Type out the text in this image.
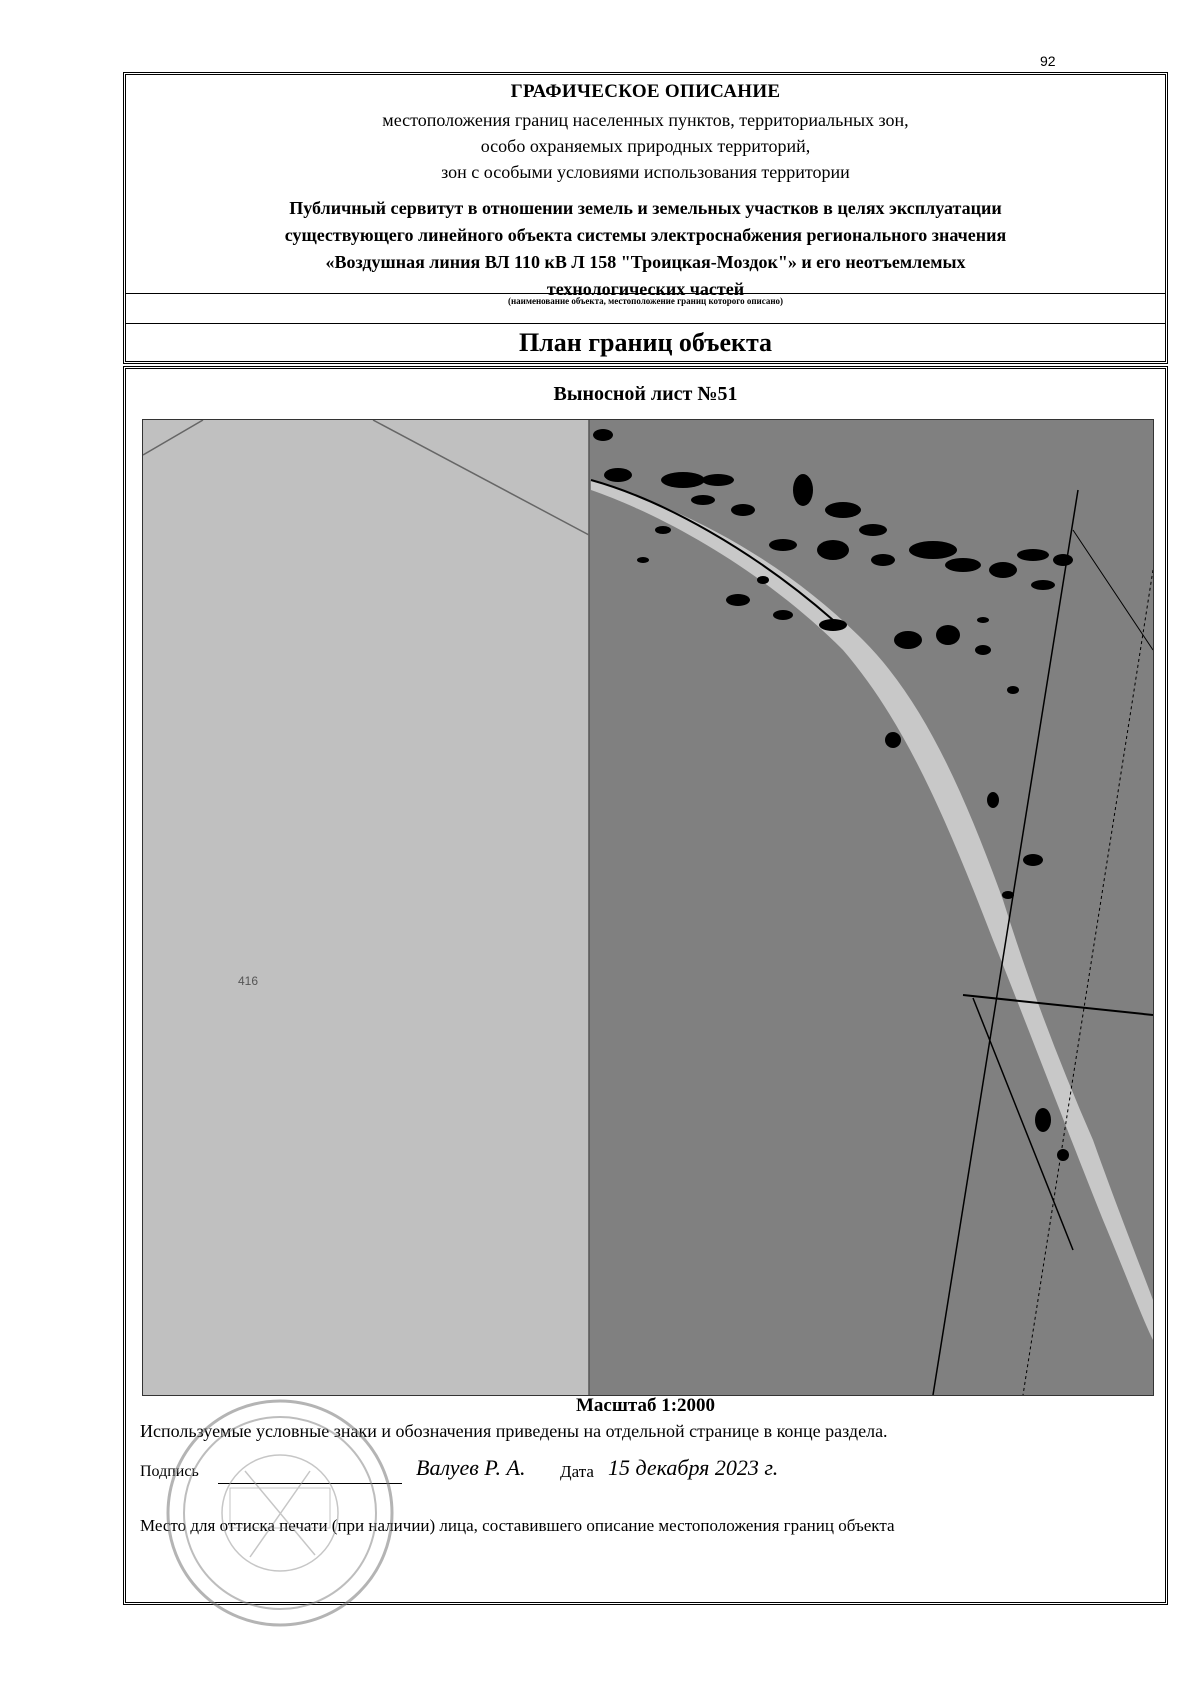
92
ГРАФИЧЕСКОЕ ОПИСАНИЕ
местоположения границ населенных пунктов, территориальных зон,
особо охраняемых природных территорий,
зон с особыми условиями использования территории
Публичный сервитут в отношении земель и земельных участков в целях эксплуатации
существующего линейного объекта системы электроснабжения регионального значения
«Воздушная линия ВЛ 110 кВ Л 158 "Троицкая-Моздок"» и его неотъемлемых
технологических частей
(наименование объекта, местоположение границ которого описано)
План границ объекта
Выносной лист №51
416
Масштаб 1:2000
Используемые условные знаки и обозначения приведены на отдельной странице в конце раздела.
Подпись	Валуев Р. А. Дата 15 декабря 2023 г.
Место для оттиска печати (при наличии) лица, составившего описание местоположения границ объекта
